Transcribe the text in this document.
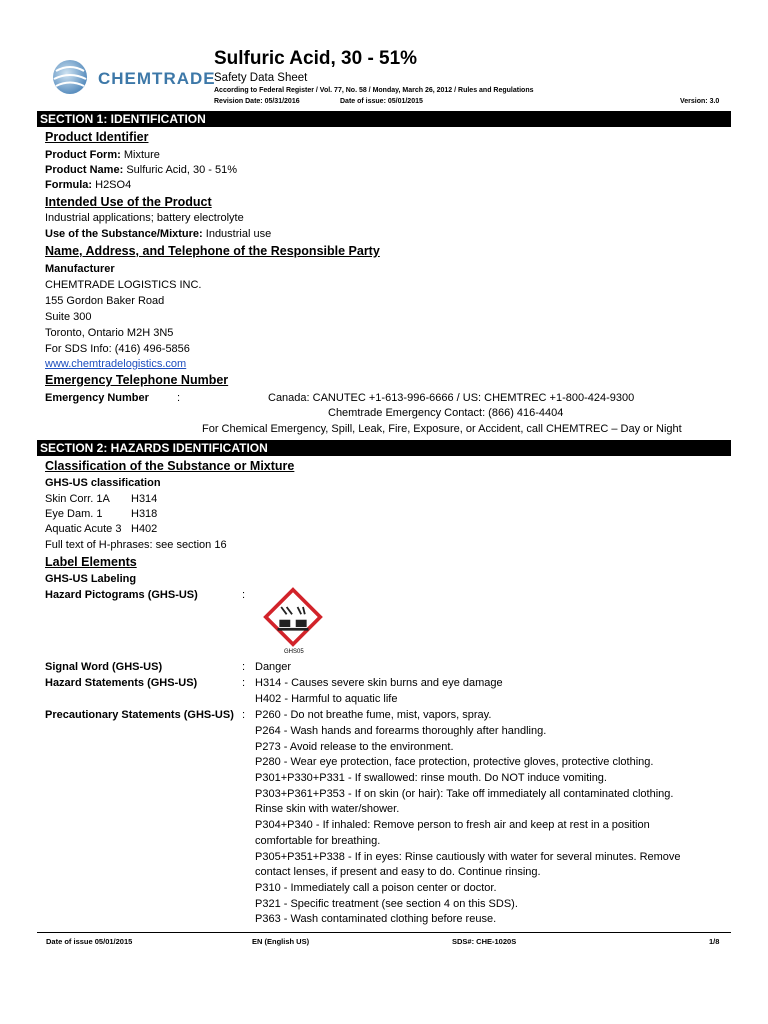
CHEMTRADE
Sulfuric Acid, 30 - 51%
Safety Data Sheet
According to Federal Register / Vol. 77, No. 58 / Monday, March 26, 2012 / Rules and Regulations
Revision Date: 05/31/2016	Date of issue: 05/01/2015	Version: 3.0
SECTION 1: IDENTIFICATION
Product Identifier
Product Form: Mixture
Product Name: Sulfuric Acid, 30 - 51%
Formula: H2SO4
Intended Use of the Product
Industrial applications; battery electrolyte
Use of the Substance/Mixture: Industrial use
Name, Address, and Telephone of the Responsible Party
Manufacturer
CHEMTRADE LOGISTICS INC.
155 Gordon Baker Road
Suite 300
Toronto, Ontario M2H 3N5
For SDS Info: (416) 496-5856
www.chemtradelogistics.com
Emergency Telephone Number
Emergency Number	:	Canada: CANUTEC +1-613-996-6666 / US: CHEMTREC +1-800-424-9300
Chemtrade Emergency Contact: (866) 416-4404
For Chemical Emergency, Spill, Leak, Fire, Exposure, or Accident, call CHEMTREC – Day or Night
SECTION 2: HAZARDS IDENTIFICATION
Classification of the Substance or Mixture
GHS-US classification
Skin Corr. 1A H314
Eye Dam. 1	H318
Aquatic Acute 3 H402
Full text of H-phrases: see section 16
Label Elements
GHS-US Labeling
Hazard Pictograms (GHS-US)	:
GHS05
Signal Word (GHS-US)	: Danger
Hazard Statements (GHS-US)	: H314 - Causes severe skin burns and eye damage
H402 - Harmful to aquatic life
Precautionary Statements (GHS-US) : P260 - Do not breathe fume, mist, vapors, spray.
P264 - Wash hands and forearms thoroughly after handling.
P273 - Avoid release to the environment.
P280 - Wear eye protection, face protection, protective gloves, protective clothing.
P301+P330+P331 - If swallowed: rinse mouth. Do NOT induce vomiting.
P303+P361+P353 - If on skin (or hair): Take off immediately all contaminated clothing.
Rinse skin with water/shower.
P304+P340 - If inhaled: Remove person to fresh air and keep at rest in a position
comfortable for breathing.
P305+P351+P338 - If in eyes: Rinse cautiously with water for several minutes. Remove
contact lenses, if present and easy to do. Continue rinsing.
P310 - Immediately call a poison center or doctor.
P321 - Specific treatment (see section 4 on this SDS).
P363 - Wash contaminated clothing before reuse.
Date of issue 05/01/2015	EN (English US)	SDS#: CHE-1020S	1/8
